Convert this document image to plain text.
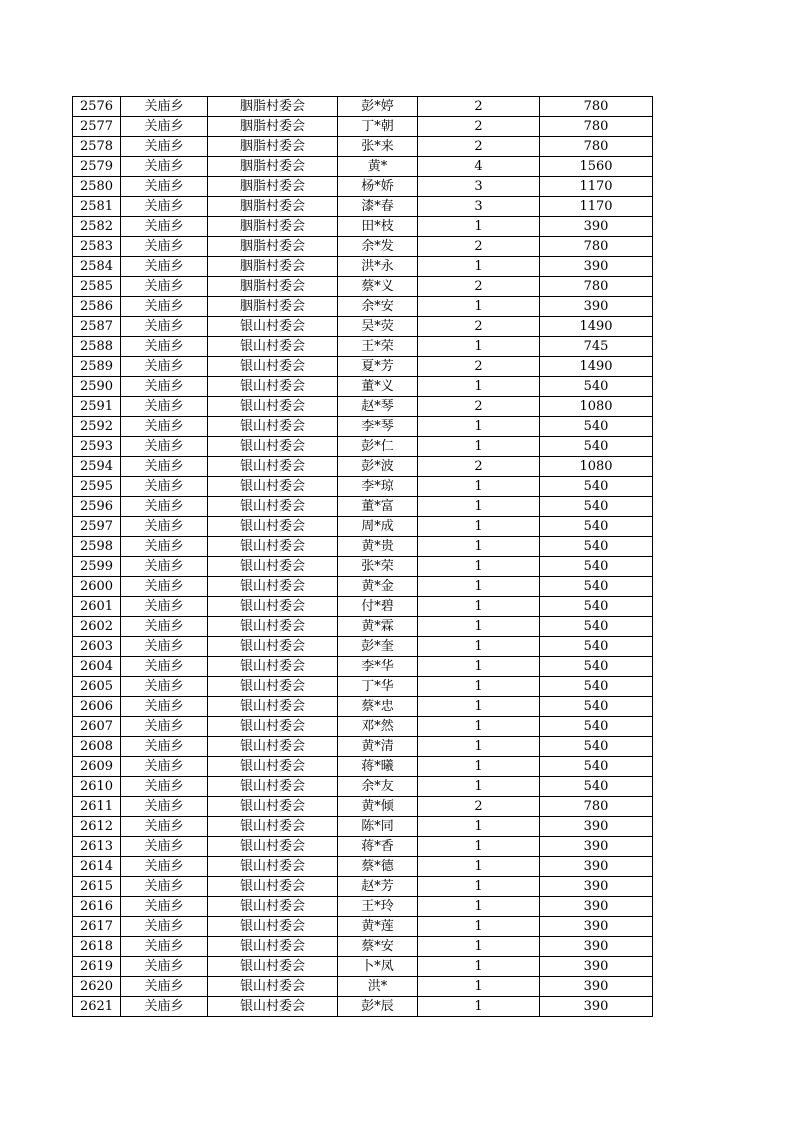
2576	关庙乡	胭脂村委会	彭*婷	2	780
2577	关庙乡	胭脂村委会	丁*朝	2	780
2578	关庙乡	胭脂村委会	张*来	2	780
2579	关庙乡	胭脂村委会	黄*	4	1560
2580	关庙乡	胭脂村委会	杨*娇	3	1170
2581	关庙乡	胭脂村委会	漆*春	3	1170
2582	关庙乡	胭脂村委会	田*枝	1	390
2583	关庙乡	胭脂村委会	余*发	2	780
2584	关庙乡	胭脂村委会	洪*永	1	390
2585	关庙乡	胭脂村委会	蔡*义	2	780
2586	关庙乡	胭脂村委会	余*安	1	390
2587	关庙乡	银山村委会	吴*荧	2	1490
2588	关庙乡	银山村委会	王*荣	1	745
2589	关庙乡	银山村委会	夏*芳	2	1490
2590	关庙乡	银山村委会	董*义	1	540
2591	关庙乡	银山村委会	赵*琴	2	1080
2592	关庙乡	银山村委会	李*琴	1	540
2593	关庙乡	银山村委会	彭*仁	1	540
2594	关庙乡	银山村委会	彭*波	2	1080
2595	关庙乡	银山村委会	李*琼	1	540
2596	关庙乡	银山村委会	董*富	1	540
2597	关庙乡	银山村委会	周*成	1	540
2598	关庙乡	银山村委会	黄*贵	1	540
2599	关庙乡	银山村委会	张*荣	1	540
2600	关庙乡	银山村委会	黄*金	1	540
2601	关庙乡	银山村委会	付*碧	1	540
2602	关庙乡	银山村委会	黄*霖	1	540
2603	关庙乡	银山村委会	彭*奎	1	540
2604	关庙乡	银山村委会	李*华	1	540
2605	关庙乡	银山村委会	丁*华	1	540
2606	关庙乡	银山村委会	蔡*忠	1	540
2607	关庙乡	银山村委会	邓*然	1	540
2608	关庙乡	银山村委会	黄*清	1	540
2609	关庙乡	银山村委会	蒋*曦	1	540
2610	关庙乡	银山村委会	余*友	1	540
2611	关庙乡	银山村委会	黄*倾	2	780
2612	关庙乡	银山村委会	陈*同	1	390
2613	关庙乡	银山村委会	蒋*香	1	390
2614	关庙乡	银山村委会	蔡*德	1	390
2615	关庙乡	银山村委会	赵*芳	1	390
2616	关庙乡	银山村委会	王*玲	1	390
2617	关庙乡	银山村委会	黄*莲	1	390
2618	关庙乡	银山村委会	蔡*安	1	390
2619	关庙乡	银山村委会	卜*凤	1	390
2620	关庙乡	银山村委会	洪*	1	390
2621	关庙乡	银山村委会	彭*辰	1	390
